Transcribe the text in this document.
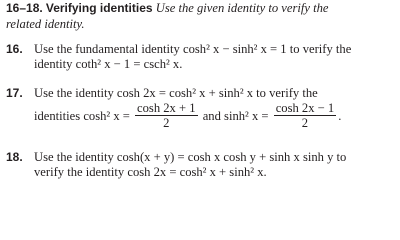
16–18. Verifying identities Use the given identity to verify the
related identity.
16. Use the fundamental identity cosh² x − sinh² x = 1 to verify the
identity coth² x − 1 = csch² x.
17. Use the identity cosh 2x = cosh² x + sinh² x to verify the
identities cosh² $x = \frac{\cosh 2x + 1}{2}$ and sinh² $x = \frac{\cosh 2x - 1}{2}$ .
18. Use the identity cosh(x + y) = cosh x cosh y + sinh x sinh y to
verify the identity cosh 2x = cosh² x + sinh² x.
